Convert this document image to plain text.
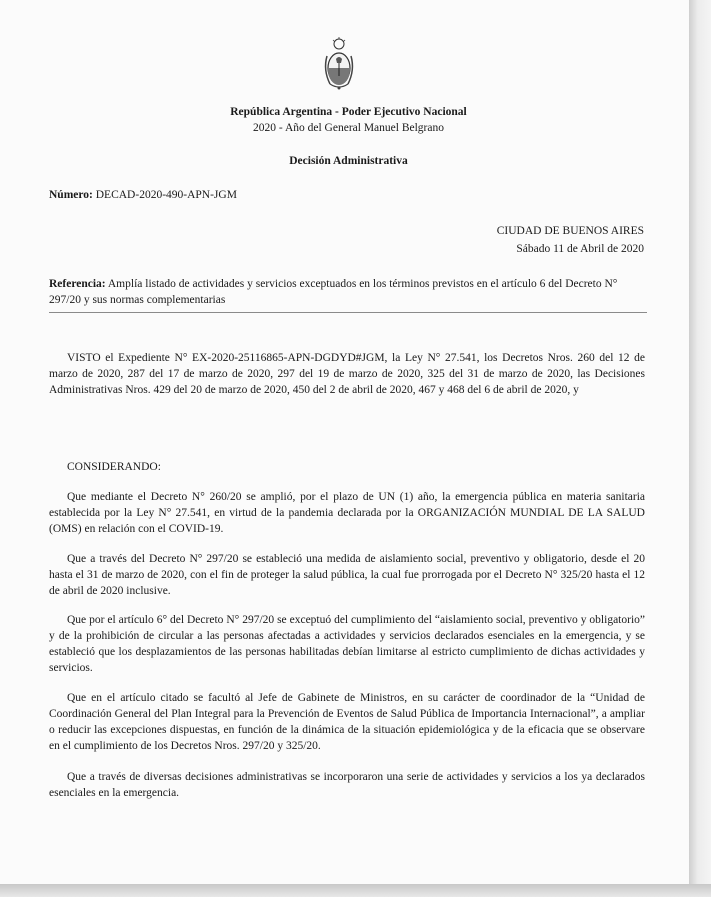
República Argentina - Poder Ejecutivo Nacional
2020 - Año del General Manuel Belgrano
Decisión Administrativa
Número: DECAD-2020-490-APN-JGM
CIUDAD DE BUENOS AIRES
Sábado 11 de Abril de 2020
Referencia: Amplía listado de actividades y servicios exceptuados en los términos previstos en el artículo 6 del Decreto N° 297/20 y sus normas complementarias

VISTO el Expediente N° EX-2020-25116865-APN-DGDYD#JGM, la Ley N° 27.541, los Decretos Nros. 260 del 12 de marzo de 2020, 287 del 17 de marzo de 2020, 297 del 19 de marzo de 2020, 325 del 31 de marzo de 2020, las Decisiones Administrativas Nros. 429 del 20 de marzo de 2020, 450 del 2 de abril de 2020, 467 y 468 del 6 de abril de 2020, y

CONSIDERANDO:

Que mediante el Decreto N° 260/20 se amplió, por el plazo de UN (1) año, la emergencia pública en materia sanitaria establecida por la Ley N° 27.541, en virtud de la pandemia declarada por la ORGANIZACIÓN MUNDIAL DE LA SALUD (OMS) en relación con el COVID-19.

Que a través del Decreto N° 297/20 se estableció una medida de aislamiento social, preventivo y obligatorio, desde el 20 hasta el 31 de marzo de 2020, con el fin de proteger la salud pública, la cual fue prorrogada por el Decreto N° 325/20 hasta el 12 de abril de 2020 inclusive.

Que por el artículo 6° del Decreto N° 297/20 se exceptuó del cumplimiento del “aislamiento social, preventivo y obligatorio” y de la prohibición de circular a las personas afectadas a actividades y servicios declarados esenciales en la emergencia, y se estableció que los desplazamientos de las personas habilitadas debían limitarse al estricto cumplimiento de dichas actividades y servicios.

Que en el artículo citado se facultó al Jefe de Gabinete de Ministros, en su carácter de coordinador de la “Unidad de Coordinación General del Plan Integral para la Prevención de Eventos de Salud Pública de Importancia Internacional”, a ampliar o reducir las excepciones dispuestas, en función de la dinámica de la situación epidemiológica y de la eficacia que se observare en el cumplimiento de los Decretos Nros. 297/20 y 325/20.

Que a través de diversas decisiones administrativas se incorporaron una serie de actividades y servicios a los ya declarados esenciales en la emergencia.
